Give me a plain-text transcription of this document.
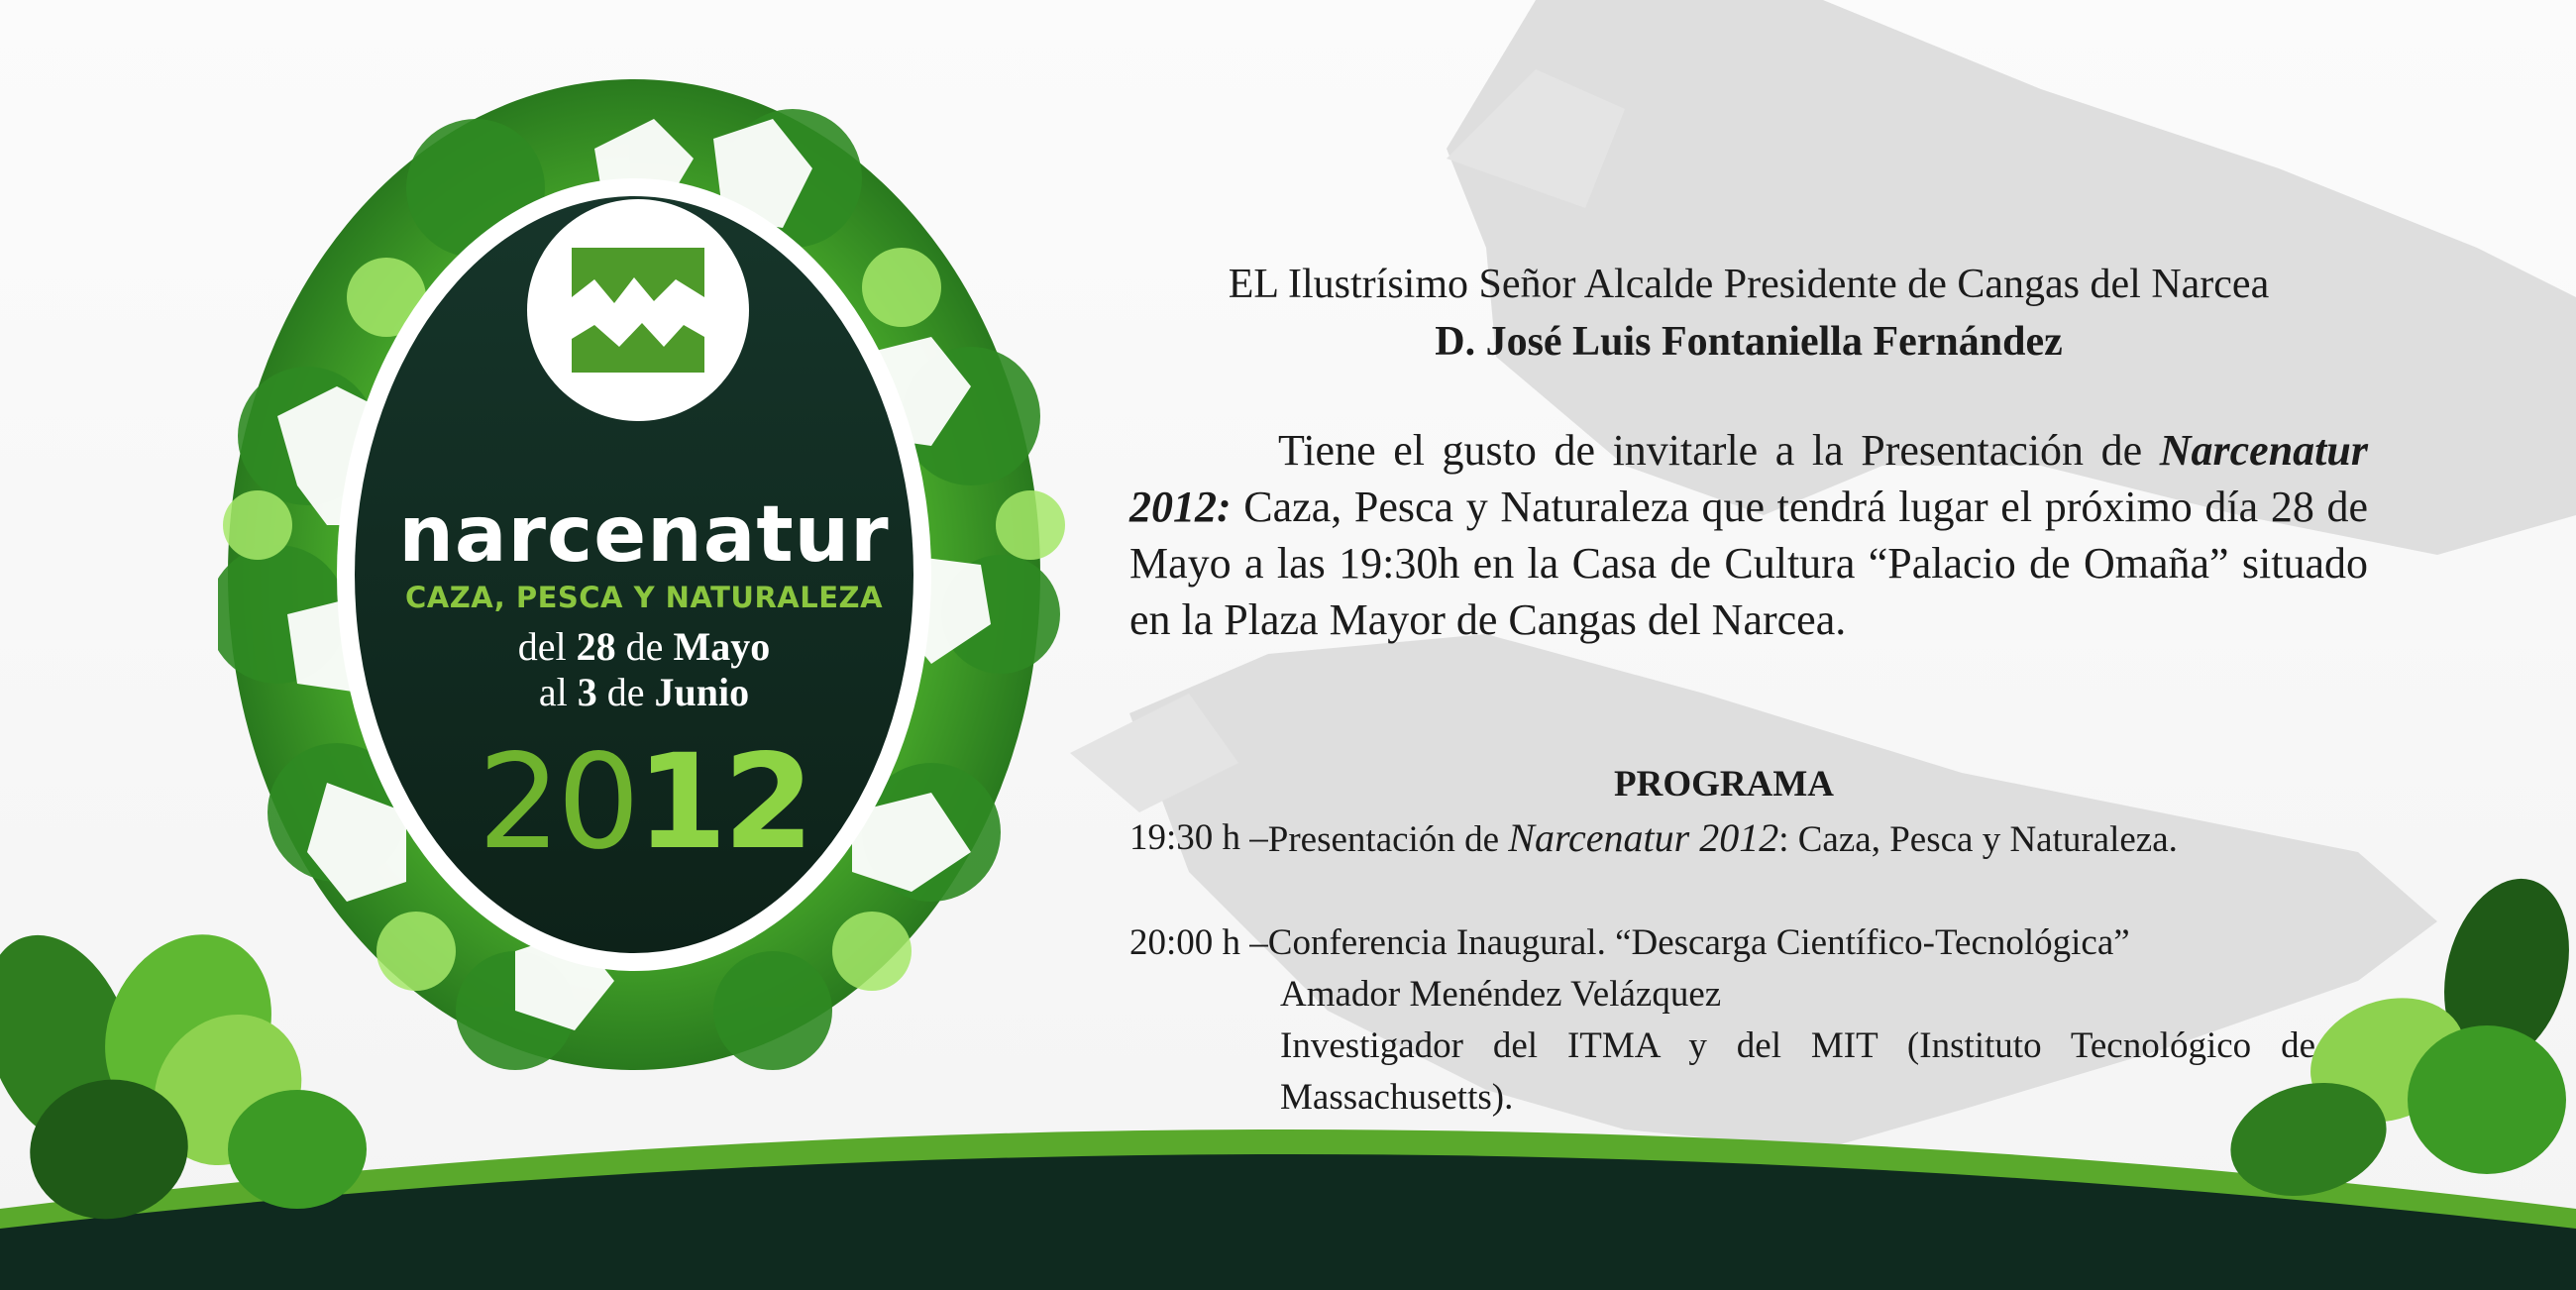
narcenatur
CAZA, PESCA Y NATURALEZA
del 28 de Mayo
al 3 de Junio
2012
EL Ilustrísimo Señor Alcalde Presidente de Cangas del Narcea
D. José Luis Fontaniella Fernández
Tiene el gusto de invitarle a la Presentación de Narcenatur 2012: Caza, Pesca y Naturaleza que tendrá lugar el próximo día 28 de Mayo a las 19:30h en la Casa de Cultura “Palacio de Omaña” situado en la Plaza Mayor de Cangas del Narcea.
PROGRAMA
19:30 h – Presentación de Narcenatur 2012: Caza, Pesca y Naturaleza.
20:00 h – Conferencia Inaugural. “Descarga Científico-Tecnológica”
Amador Menéndez Velázquez
Investigador del ITMA y del MIT (Instituto Tecnológico de Massachusetts).
